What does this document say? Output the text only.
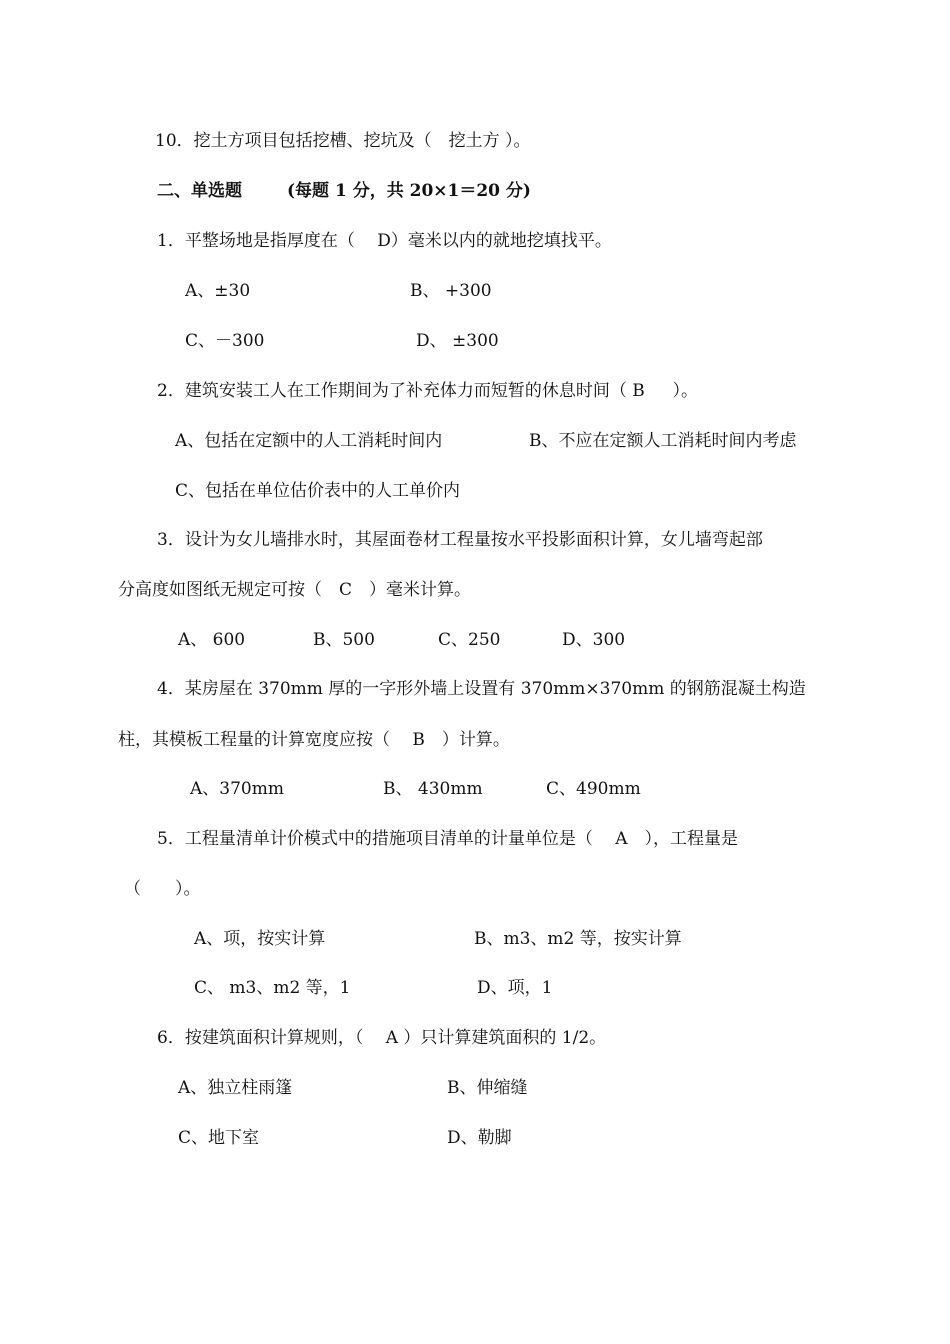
10．挖土方项目包括挖槽、挖坑及（　挖土方 ）。
二、单选题	(每题 1 分，共 20×1＝20 分)
1．平整场地是指厚度在（　 D）毫米以内的就地挖填找平。
A、±30	B、 +300
C、－300	D、 ±300
2．建筑安装工人在工作期间为了补充体力而短暂的休息时间（ B 　 ）。
A、包括在定额中的人工消耗时间内	B、不应在定额人工消耗时间内考虑
C、包括在单位估价表中的人工单价内
3．设计为女儿墙排水时，其屋面卷材工程量按水平投影面积计算，女儿墙弯起部
分高度如图纸无规定可按（　C　）毫米计算。
A、 600	B、500	C、250	D、300
4．某房屋在 370mm 厚的一字形外墙上设置有 370mm×370mm 的钢筋混凝土构造
柱，其模板工程量的计算宽度应按（　 B　）计算。
A、370mm	B、 430mm	C、490mm
5．工程量清单计价模式中的措施项目清单的计量单位是（　 A　），工程量是
（　　）。
A、项，按实计算	B、m3、m2 等，按实计算
C、 m3、m2 等，1	D、项，1
6．按建筑面积计算规则，（　 A ）只计算建筑面积的 1/2。
A、独立柱雨篷	B、伸缩缝
C、地下室	D、勒脚
